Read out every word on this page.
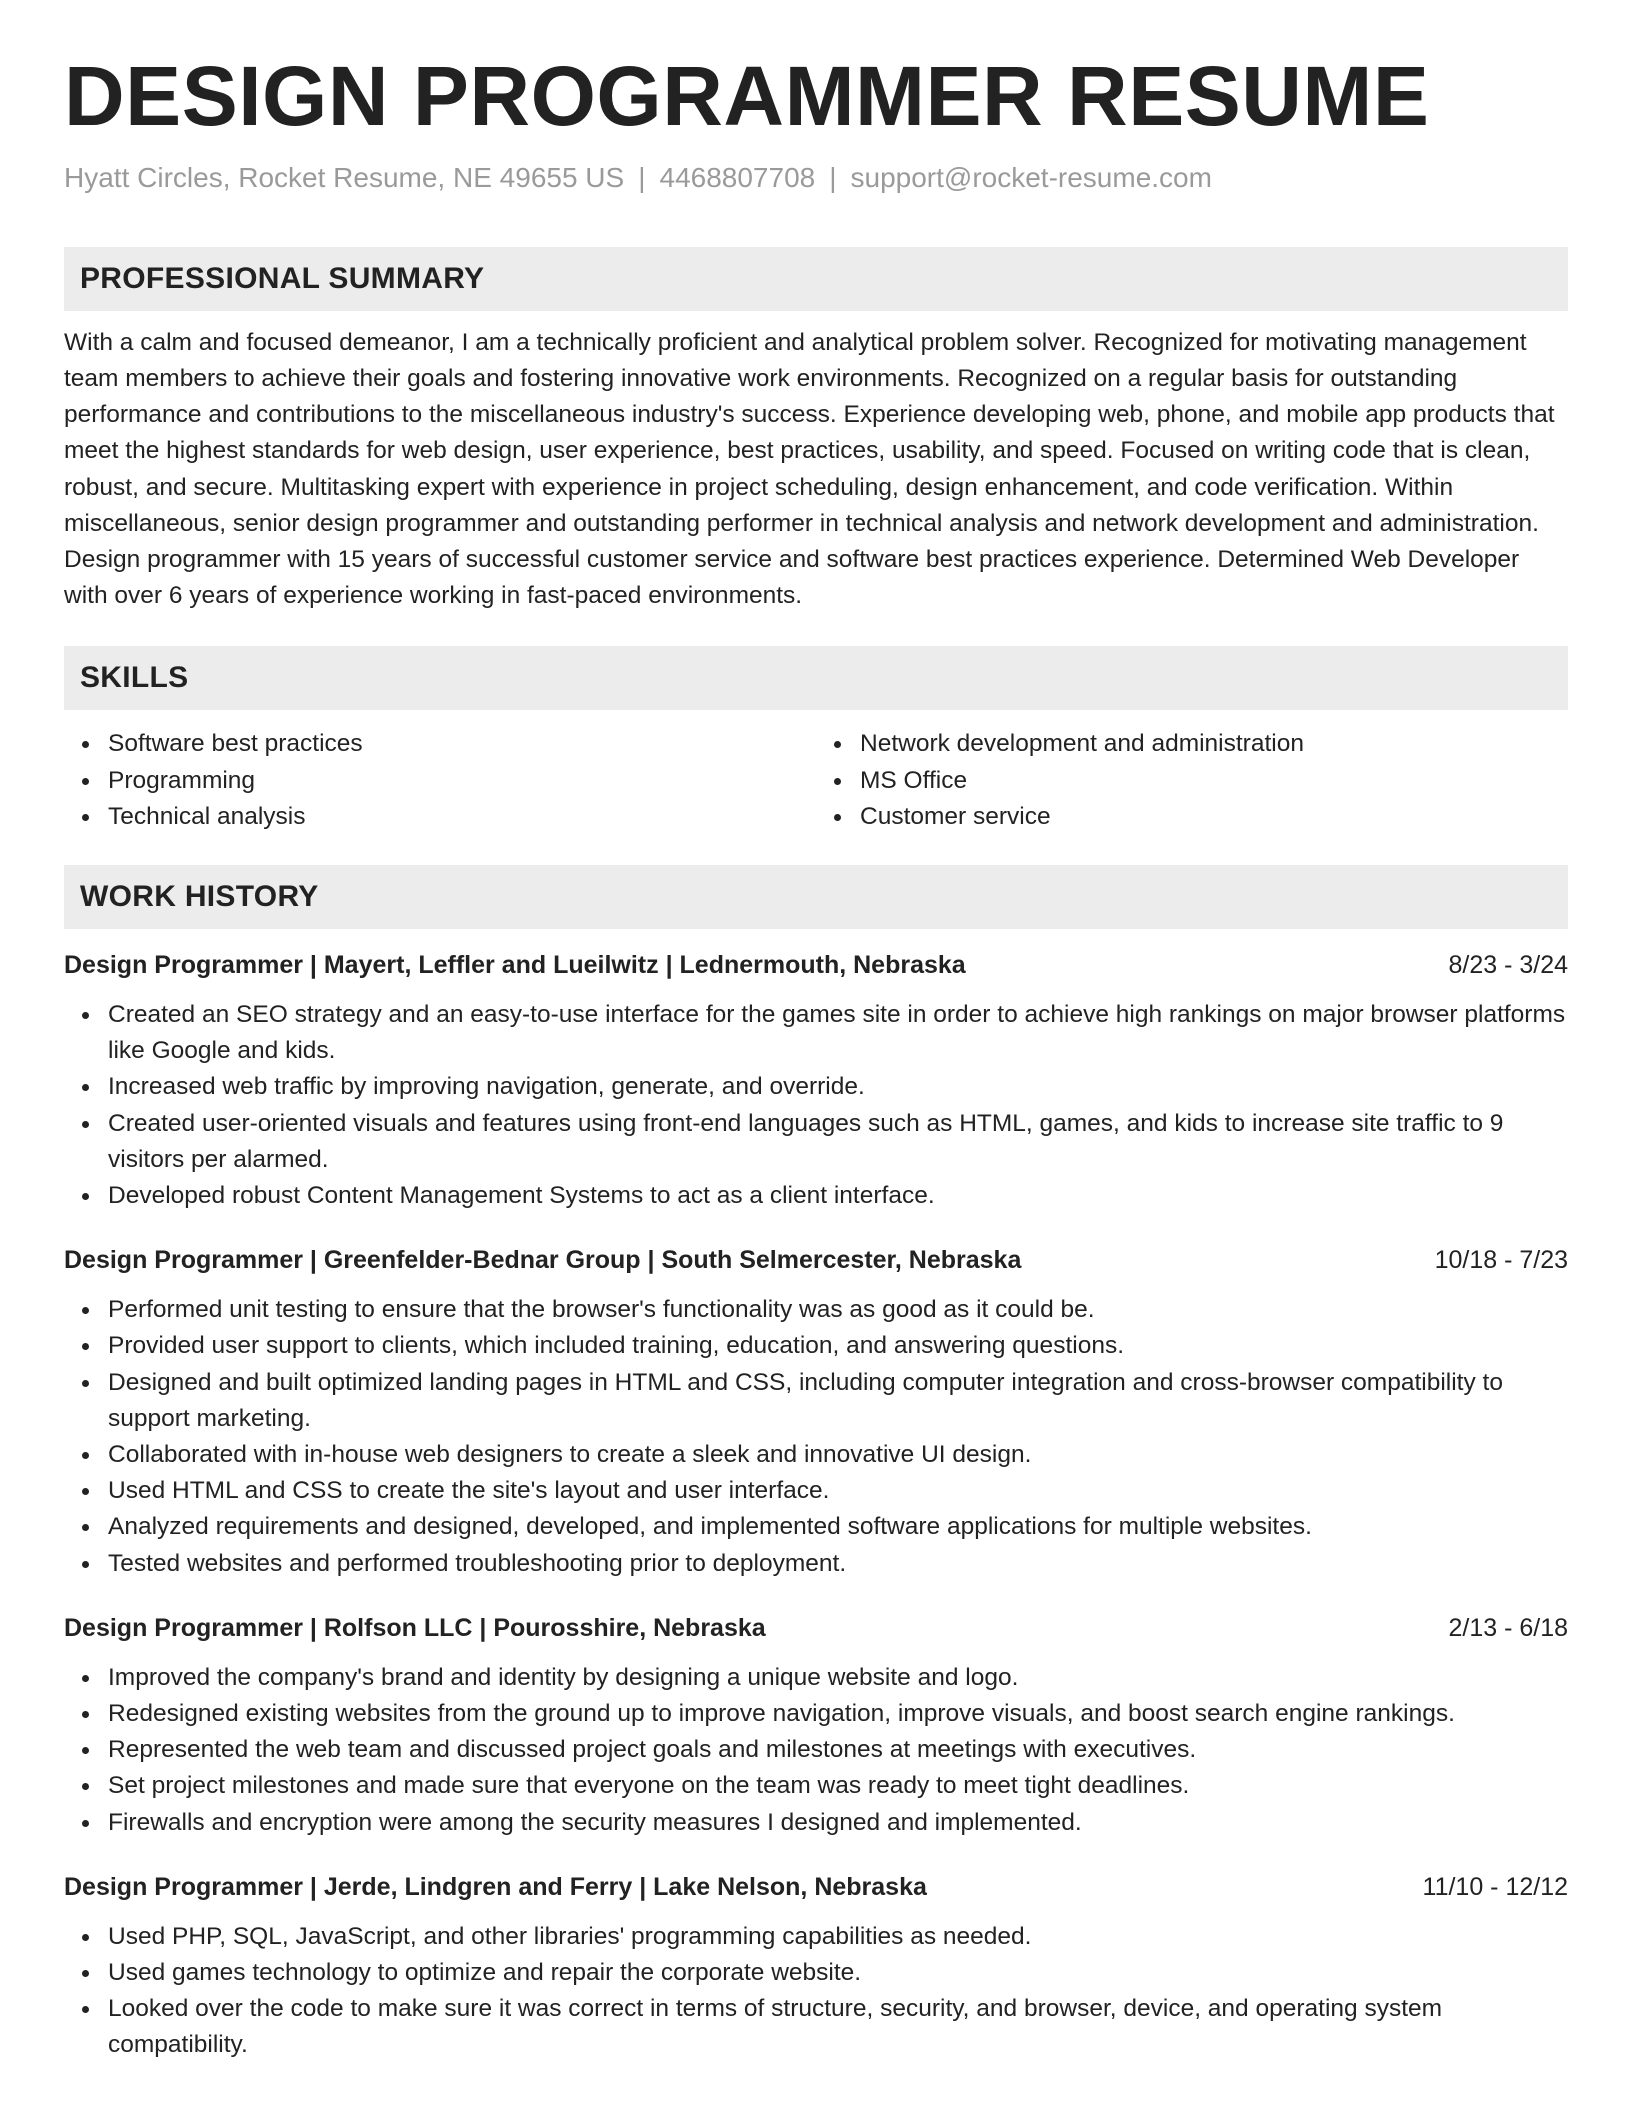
DESIGN PROGRAMMER RESUME
Hyatt Circles, Rocket Resume, NE 49655 US | 4468807708 | support@rocket-resume.com
PROFESSIONAL SUMMARY

With a calm and focused demeanor, I am a technically proficient and analytical problem solver. Recognized for motivating management team members to achieve their goals and fostering innovative work environments. Recognized on a regular basis for outstanding performance and contributions to the miscellaneous industry's success. Experience developing web, phone, and mobile app products that meet the highest standards for web design, user experience, best practices, usability, and speed. Focused on writing code that is clean, robust, and secure. Multitasking expert with experience in project scheduling, design enhancement, and code verification. Within miscellaneous, senior design programmer and outstanding performer in technical analysis and network development and administration. Design programmer with 15 years of successful customer service and software best practices experience. Determined Web Developer with over 6 years of experience working in fast-paced environments.

SKILLS
Software best practices
Programming
Technical analysis
Network development and administration
MS Office
Customer service
WORK HISTORY
Design Programmer | Mayert, Leffler and Lueilwitz | Lednermouth, Nebraska	8/23 - 3/24
Created an SEO strategy and an easy-to-use interface for the games site in order to achieve high rankings on major browser platforms like Google and kids.
Increased web traffic by improving navigation, generate, and override.
Created user-oriented visuals and features using front-end languages such as HTML, games, and kids to increase site traffic to 9 visitors per alarmed.
Developed robust Content Management Systems to act as a client interface.
Design Programmer | Greenfelder-Bednar Group | South Selmercester, Nebraska	10/18 - 7/23
Performed unit testing to ensure that the browser's functionality was as good as it could be.
Provided user support to clients, which included training, education, and answering questions.
Designed and built optimized landing pages in HTML and CSS, including computer integration and cross-browser compatibility to support marketing.
Collaborated with in-house web designers to create a sleek and innovative UI design.
Used HTML and CSS to create the site's layout and user interface.
Analyzed requirements and designed, developed, and implemented software applications for multiple websites.
Tested websites and performed troubleshooting prior to deployment.
Design Programmer | Rolfson LLC | Pourosshire, Nebraska	2/13 - 6/18
Improved the company's brand and identity by designing a unique website and logo.
Redesigned existing websites from the ground up to improve navigation, improve visuals, and boost search engine rankings.
Represented the web team and discussed project goals and milestones at meetings with executives.
Set project milestones and made sure that everyone on the team was ready to meet tight deadlines.
Firewalls and encryption were among the security measures I designed and implemented.
Design Programmer | Jerde, Lindgren and Ferry | Lake Nelson, Nebraska	11/10 - 12/12
Used PHP, SQL, JavaScript, and other libraries' programming capabilities as needed.
Used games technology to optimize and repair the corporate website.
Looked over the code to make sure it was correct in terms of structure, security, and browser, device, and operating system compatibility.
